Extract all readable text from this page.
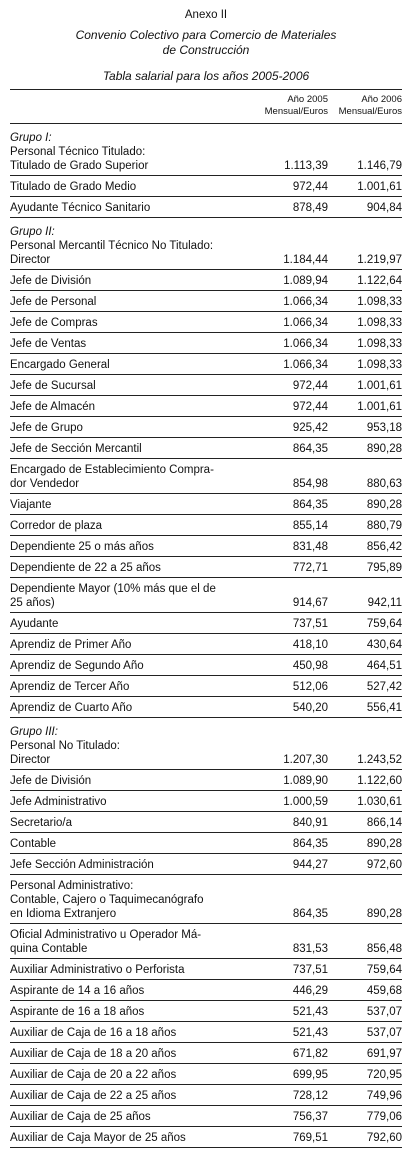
Anexo II
Convenio Colectivo para Comercio de Materiales
de Construcción
Tabla salarial para los años 2005-2006
Año 2005
Mensual/Euros
Año 2006
Mensual/Euros
Grupo I:
Personal Técnico Titulado:
Titulado de Grado Superior	1.113,39	1.146,79
Titulado de Grado Medio	972,44	1.001,61
Ayudante Técnico Sanitario	878,49	904,84
Grupo II:
Personal Mercantil Técnico No Titulado:
Director	1.184,44	1.219,97
Jefe de División	1.089,94	1.122,64
Jefe de Personal	1.066,34	1.098,33
Jefe de Compras	1.066,34	1.098,33
Jefe de Ventas	1.066,34	1.098,33
Encargado General	1.066,34	1.098,33
Jefe de Sucursal	972,44	1.001,61
Jefe de Almacén	972,44	1.001,61
Jefe de Grupo	925,42	953,18
Jefe de Sección Mercantil	864,35	890,28
Encargado de Establecimiento Compra-
dor Vendedor	854,98	880,63
Viajante	864,35	890,28
Corredor de plaza	855,14	880,79
Dependiente 25 o más años	831,48	856,42
Dependiente de 22 a 25 años	772,71	795,89
Dependiente Mayor (10% más que el de
25 años)	914,67	942,11
Ayudante	737,51	759,64
Aprendiz de Primer Año	418,10	430,64
Aprendiz de Segundo Año	450,98	464,51
Aprendiz de Tercer Año	512,06	527,42
Aprendiz de Cuarto Año	540,20	556,41
Grupo III:
Personal No Titulado:
Director	1.207,30	1.243,52
Jefe de División	1.089,90	1.122,60
Jefe Administrativo	1.000,59	1.030,61
Secretario/a	840,91	866,14
Contable	864,35	890,28
Jefe Sección Administración	944,27	972,60
Personal Administrativo:
Contable, Cajero o Taquimecanógrafo
en Idioma Extranjero	864,35	890,28
Oficial Administrativo u Operador Má-
quina Contable	831,53	856,48
Auxiliar Administrativo o Perforista	737,51	759,64
Aspirante de 14 a 16 años	446,29	459,68
Aspirante de 16 a 18 años	521,43	537,07
Auxiliar de Caja de 16 a 18 años	521,43	537,07
Auxiliar de Caja de 18 a 20 años	671,82	691,97
Auxiliar de Caja de 20 a 22 años	699,95	720,95
Auxiliar de Caja de 22 a 25 años	728,12	749,96
Auxiliar de Caja de 25 años	756,37	779,06
Auxiliar de Caja Mayor de 25 años	769,51	792,60
